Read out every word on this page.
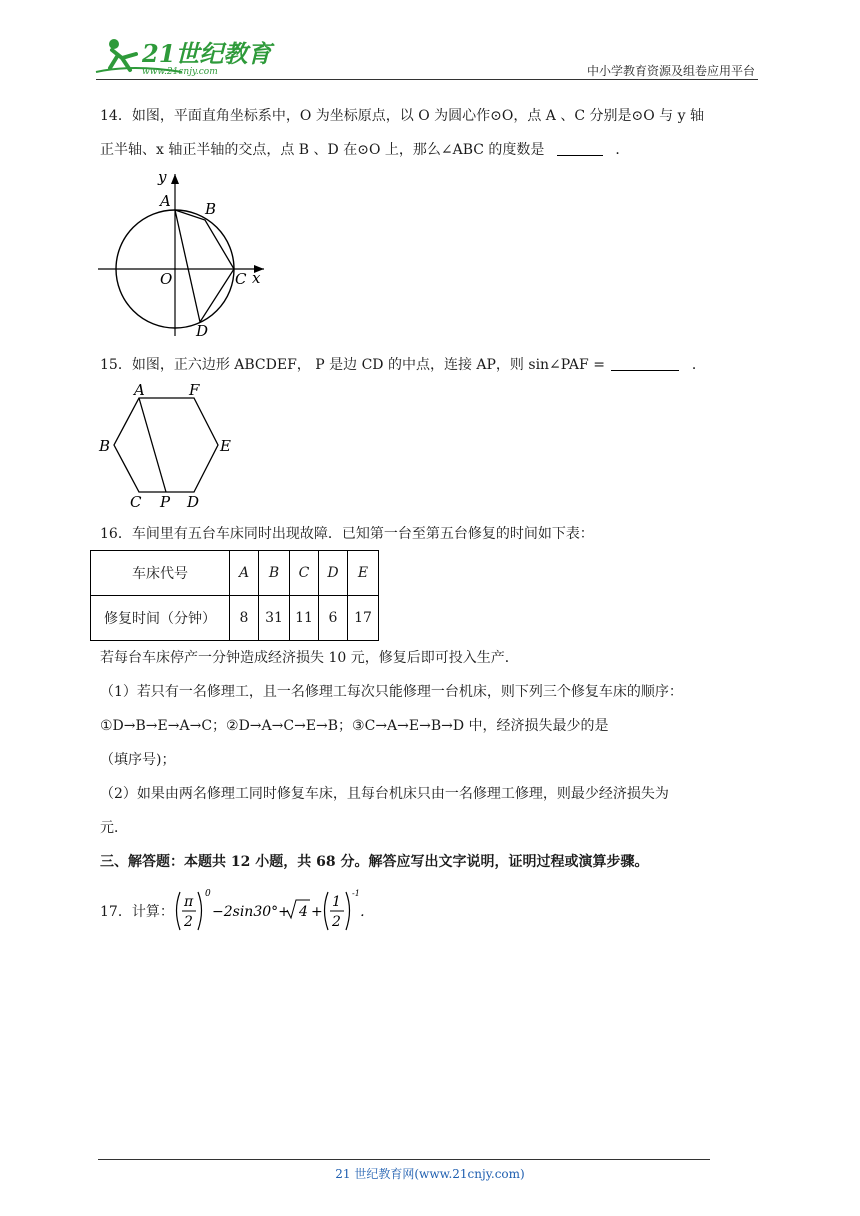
21世纪教育
www.21cnjy.com	中小学教育资源及组卷应用平台
14．如图，平面直角坐标系中，O 为坐标原点，以 O 为圆心作⊙O，点 A 、C 分别是⊙O 与 y 轴
正半轴、x 轴正半轴的交点，点 B 、D 在⊙O 上，那么∠ABC 的度数是	．
y
A B
O	C x
D
15．如图，正六边形 ABCDEF， P 是边 CD 的中点，连接 AP，则 sin∠PAF =	．
A	F
B	E
C P D
16．车间里有五台车床同时出现故障．已知第一台至第五台修复的时间如下表：
车床代号	A	B	C	D	E
修复时间（分钟）	8	31	11	6	17
若每台车床停产一分钟造成经济损失 10 元，修复后即可投入生产．
（1）若只有一名修理工，且一名修理工每次只能修理一台机床，则下列三个修复车床的顺序：
①D→B→E→A→C；②D→A→C→E→B；③C→A→E→B→D 中，经济损失最少的是
（填序号)；
（2）如果由两名修理工同时修复车床，且每台机床只由一名修理工修理，则最少经济损失为
元．
三、解答题：本题共 12 小题，共 68 分。解答应写出文字说明，证明过程或演算步骤。
17．计算：
π
2
0
−2sin30°+ 4 +
1
2
-1
．
21 世纪教育网(www.21cnjy.com)
